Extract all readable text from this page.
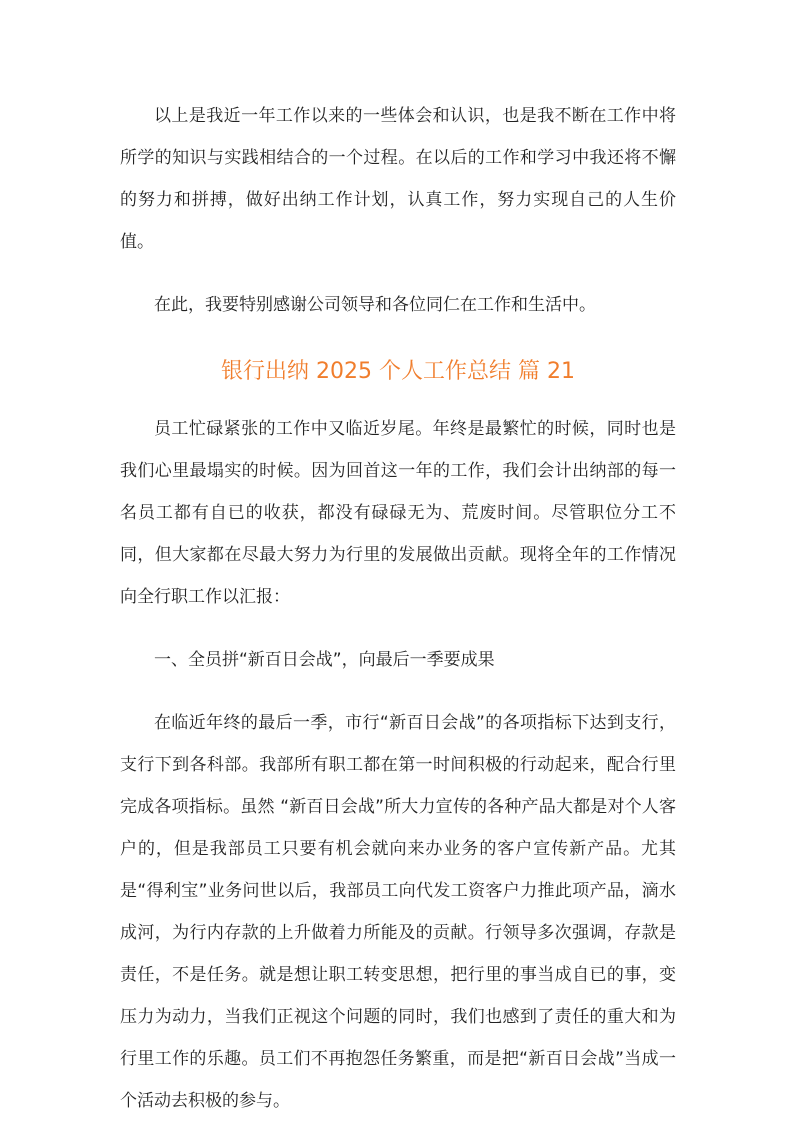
以上是我近一年工作以来的一些体会和认识，也是我不断在工作中将所学的知识与实践相结合的一个过程。在以后的工作和学习中我还将不懈的努力和拼搏，做好出纳工作计划，认真工作，努力实现自己的人生价值。

在此，我要特别感谢公司领导和各位同仁在工作和生活中。

银行出纳 2025 个人工作总结 篇 21

员工忙碌紧张的工作中又临近岁尾。年终是最繁忙的时候，同时也是我们心里最塌实的时候。因为回首这一年的工作，我们会计出纳部的每一名员工都有自已的收获，都没有碌碌无为、荒废时间。尽管职位分工不同，但大家都在尽最大努力为行里的发展做出贡献。现将全年的工作情况向全行职工作以汇报：

一、全员拼“新百日会战”，向最后一季要成果

在临近年终的最后一季，市行“新百日会战”的各项指标下达到支行，支行下到各科部。我部所有职工都在第一时间积极的行动起来，配合行里完成各项指标。虽然 “新百日会战”所大力宣传的各种产品大都是对个人客户的，但是我部员工只要有机会就向来办业务的客户宣传新产品。尤其是“得利宝”业务问世以后，我部员工向代发工资客户力推此项产品，滴水成河，为行内存款的上升做着力所能及的贡献。行领导多次强调，存款是责任，不是任务。就是想让职工转变思想，把行里的事当成自已的事，变压力为动力，当我们正视这个问题的同时，我们也感到了责任的重大和为行里工作的乐趣。员工们不再抱怨任务繁重，而是把“新百日会战”当成一个活动去积极的参与。
